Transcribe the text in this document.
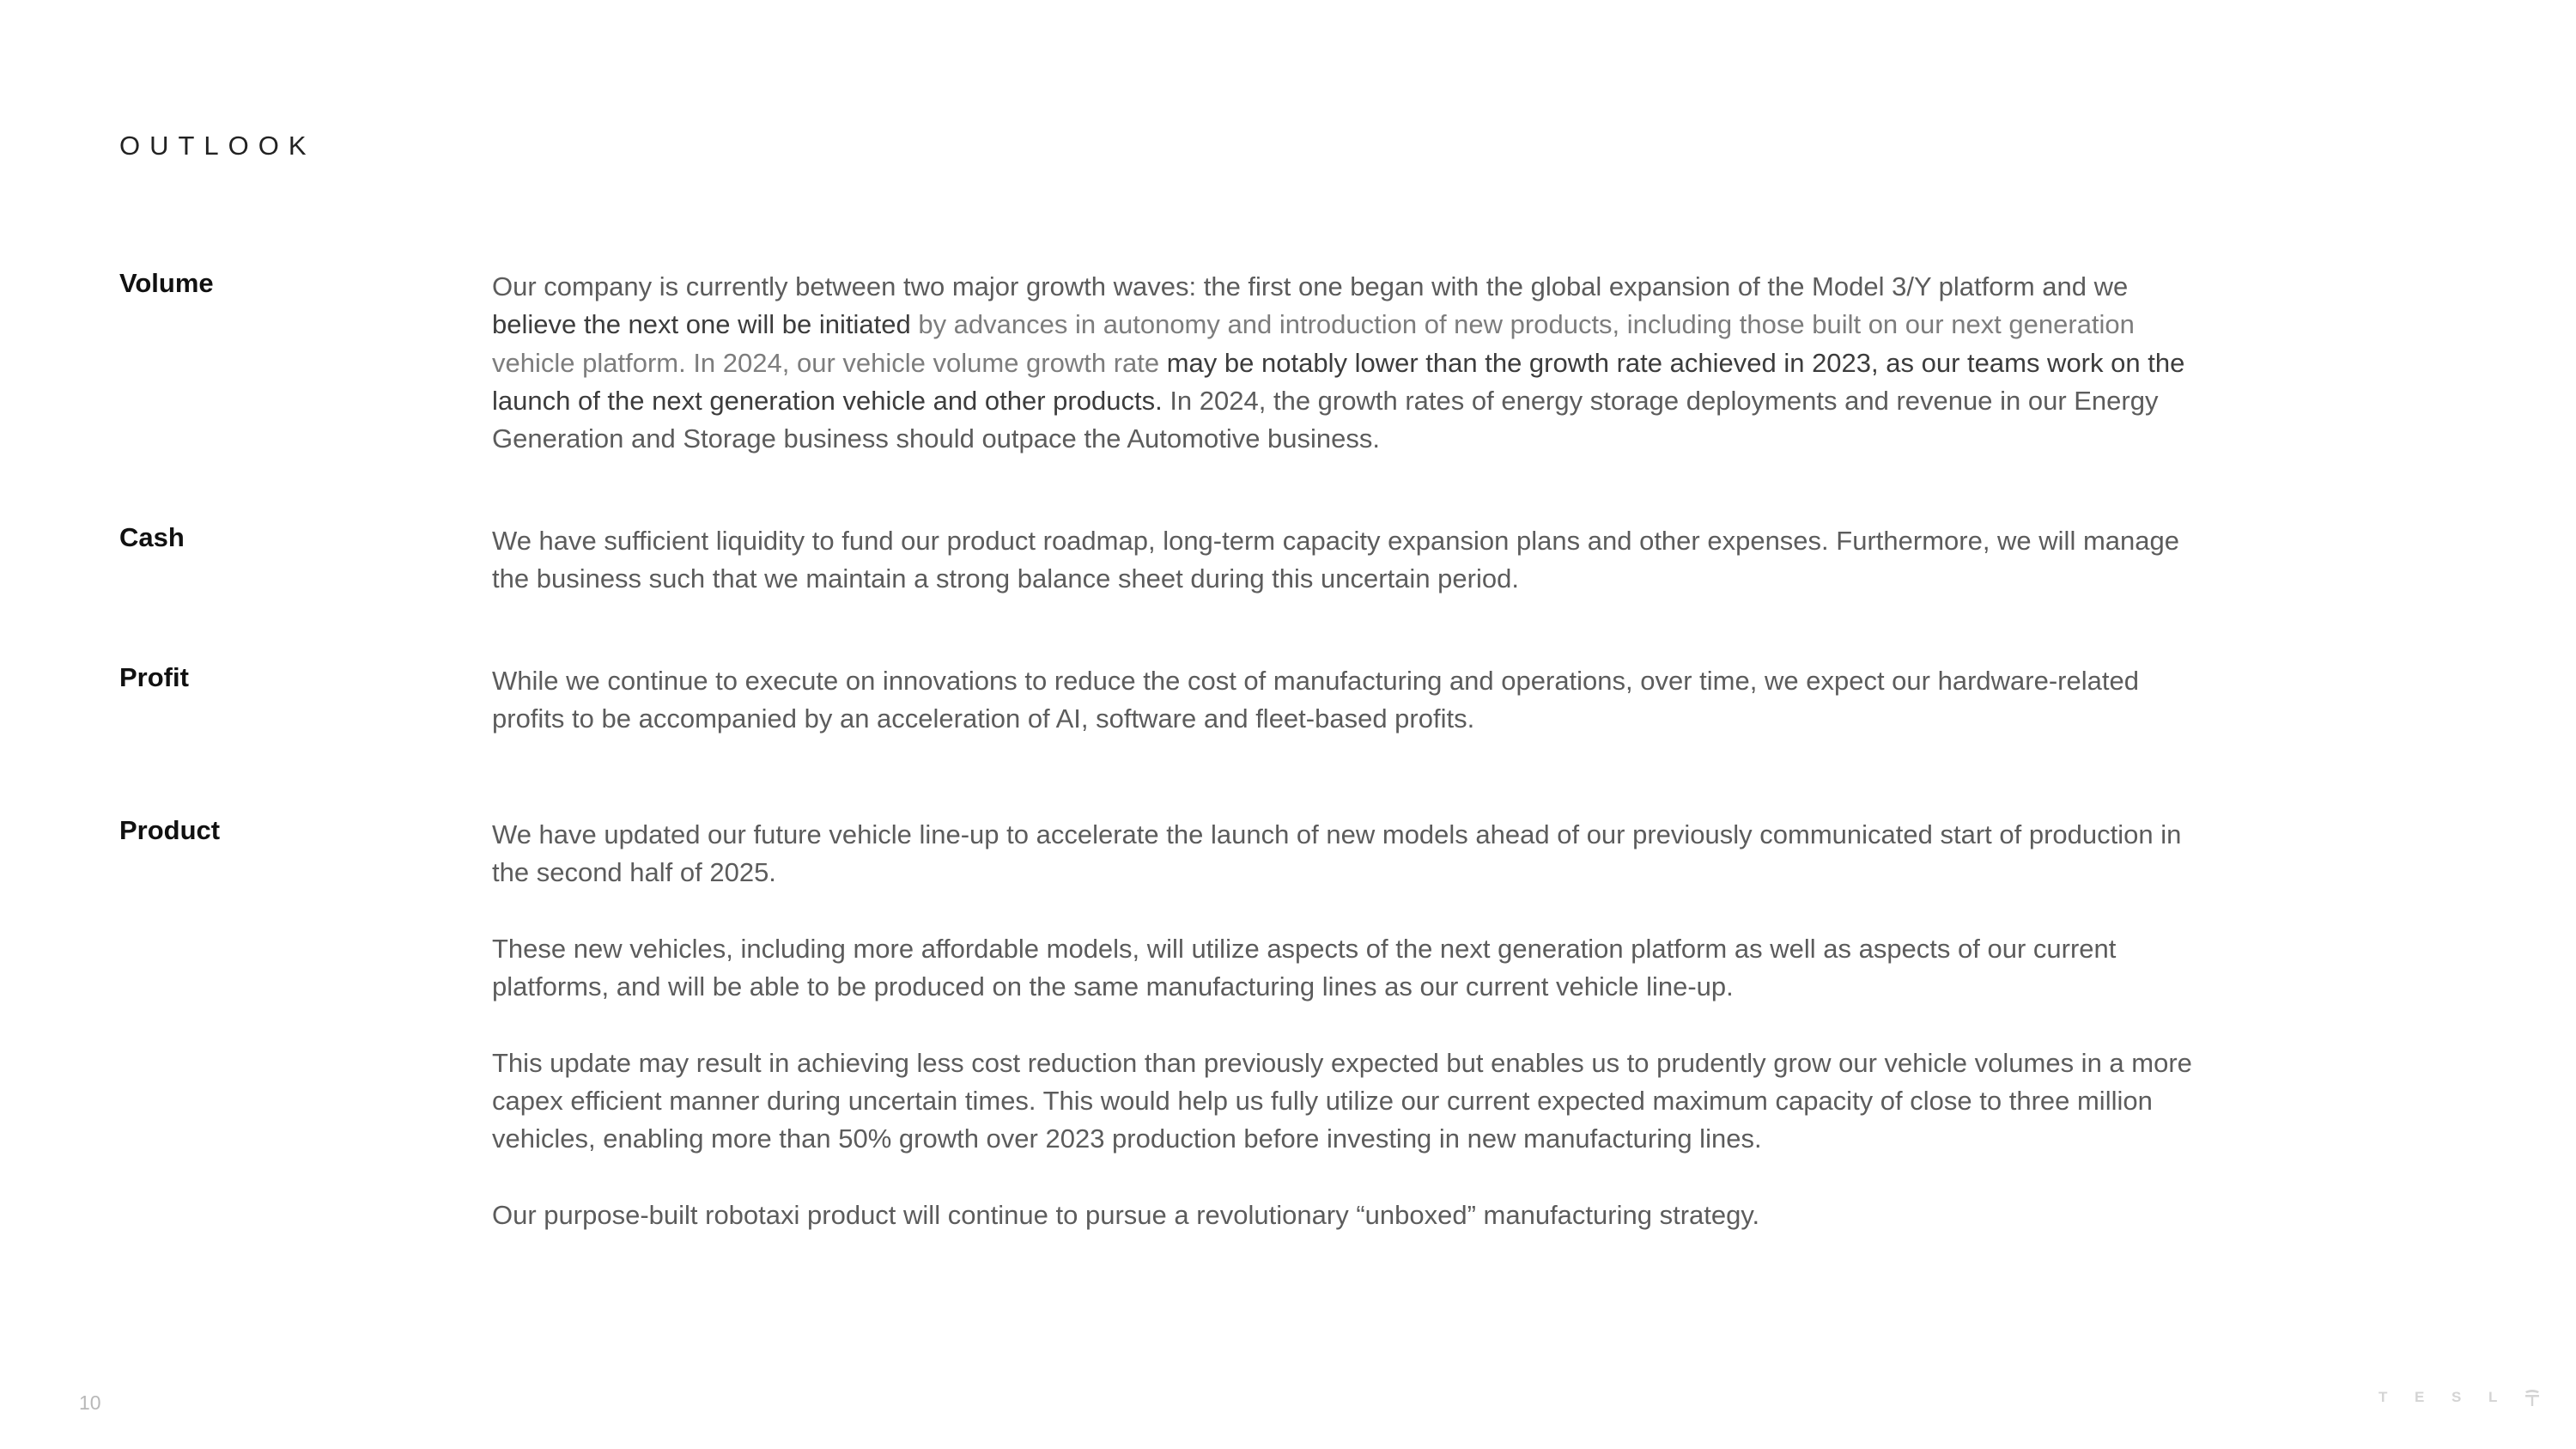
OUTLOOK
Volume	Our company is currently between two major growth waves: the first one began with the global expansion of the Model 3/Y platform and we believe the next one will be initiated by advances in autonomy and introduction of new products, including those built on our next generation vehicle platform. In 2024, our vehicle volume growth rate may be notably lower than the growth rate achieved in 2023, as our teams work on the launch of the next generation vehicle and other products. In 2024, the growth rates of energy storage deployments and revenue in our Energy Generation and Storage business should outpace the Automotive business.

Cash	We have sufficient liquidity to fund our product roadmap, long-term capacity expansion plans and other expenses. Furthermore, we will manage the business such that we maintain a strong balance sheet during this uncertain period.

Profit	While we continue to execute on innovations to reduce the cost of manufacturing and operations, over time, we expect our hardware-related profits to be accompanied by an acceleration of AI, software and fleet-based profits.

Product	We have updated our future vehicle line-up to accelerate the launch of new models ahead of our previously communicated start of production in the second half of 2025.

These new vehicles, including more affordable models, will utilize aspects of the next generation platform as well as aspects of our current platforms, and will be able to be produced on the same manufacturing lines as our current vehicle line-up.

This update may result in achieving less cost reduction than previously expected but enables us to prudently grow our vehicle volumes in a more capex efficient manner during uncertain times. This would help us fully utilize our current expected maximum capacity of close to three million vehicles, enabling more than 50% growth over 2023 production before investing in new manufacturing lines.

Our purpose-built robotaxi product will continue to pursue a revolutionary “unboxed” manufacturing strategy.

10	T E S L
